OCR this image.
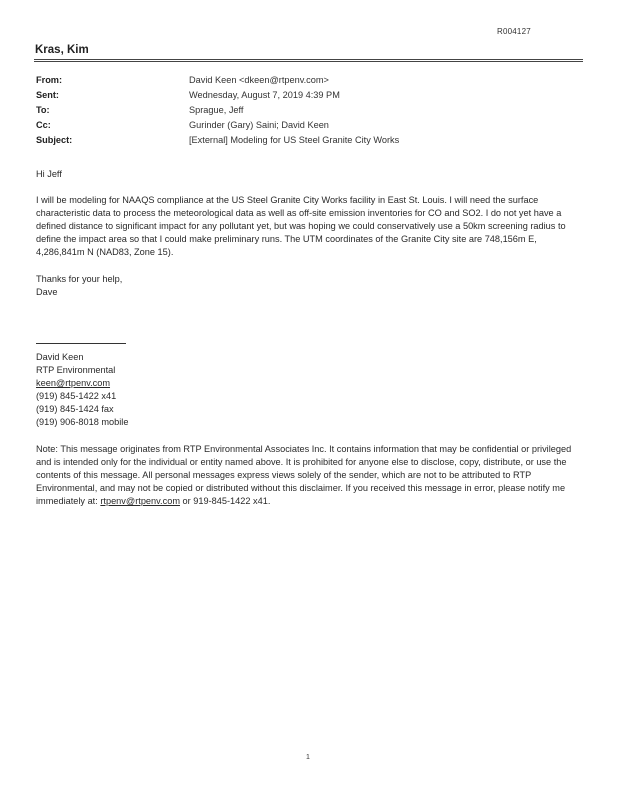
R004127
Kras, Kim
From:	David Keen <dkeen@rtpenv.com>
Sent:	Wednesday, August 7, 2019 4:39 PM
To:	Sprague, Jeff
Cc:	Gurinder (Gary) Saini; David Keen
Subject:	[External] Modeling for US Steel Granite City Works

Hi Jeff

I will be modeling for NAAQS compliance at the US Steel Granite City Works facility in East St. Louis. I will need the surface characteristic data to process the meteorological data as well as off-site emission inventories for CO and SO2. I do not yet have a defined distance to significant impact for any pollutant yet, but was hoping we could conservatively use a 50km screening radius to define the impact area so that I could make preliminary runs. The UTM coordinates of the Granite City site are 748,156m E, 4,286,841m N (NAD83, Zone 15).

Thanks for your help,

Dave

David Keen
RTP Environmental
keen@rtpenv.com
(919) 845-1422 x41
(919) 845-1424 fax
(919) 906-8018 mobile

Note: This message originates from RTP Environmental Associates Inc. It contains information that may be confidential or privileged and is intended only for the individual or entity named above. It is prohibited for anyone else to disclose, copy, distribute, or use the contents of this message. All personal messages express views solely of the sender, which are not to be attributed to RTP Environmental, and may not be copied or distributed without this disclaimer. If you received this message in error, please notify me immediately at: rtpenv@rtpenv.com or 919-845-1422 x41.

1
